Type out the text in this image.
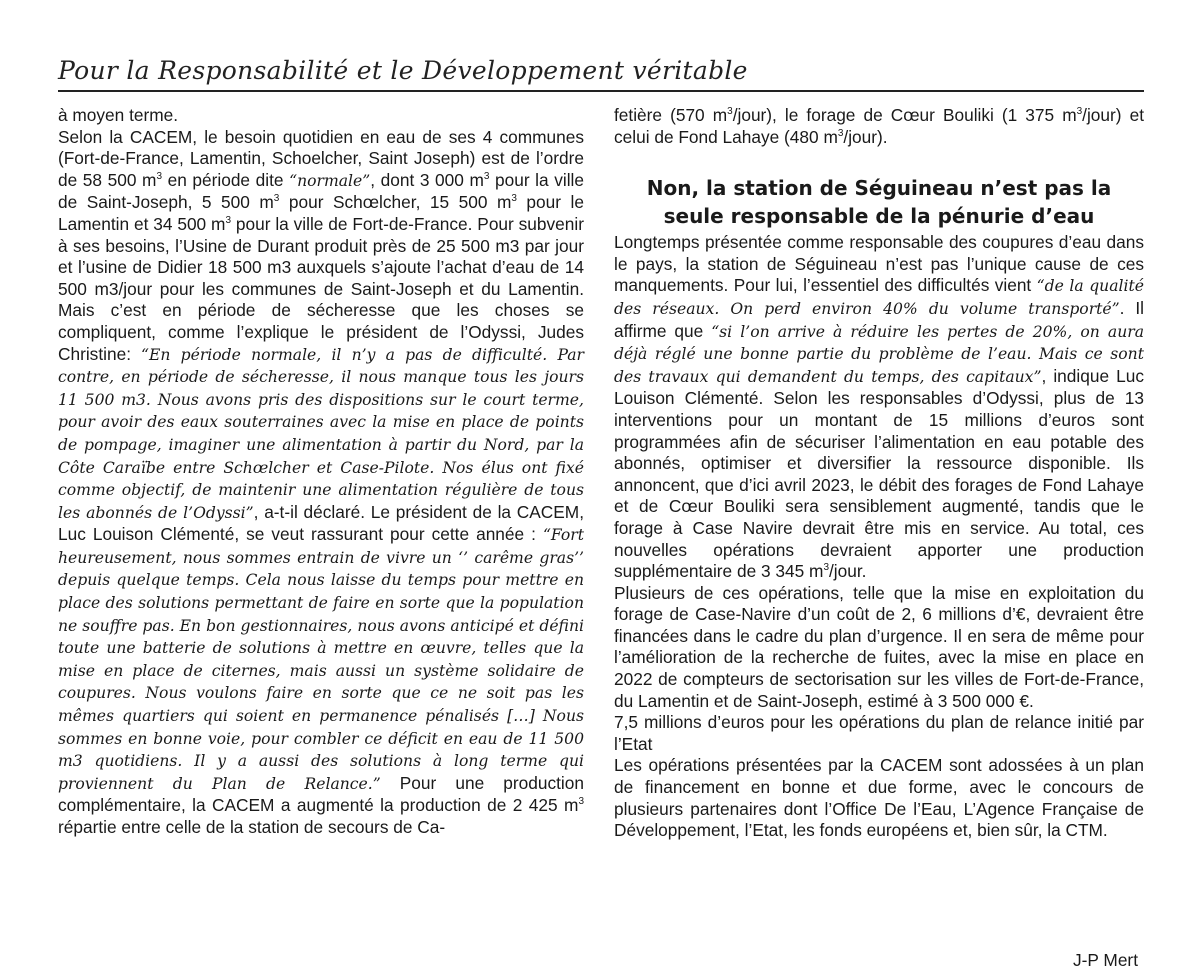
Pour la Responsabilité et le Développement véritable

à moyen terme.

Selon la CACEM, le besoin quotidien en eau de ses 4 communes (Fort-de-France, Lamentin, Schoelcher, Saint Joseph) est de l’ordre de 58 500 $m^3$ en période dite “normale”, dont 3 000 $m^3$ pour la ville de Saint-Joseph, 5 500 $m^3$ pour Schœlcher, 15 500 $m^3$ pour le Lamentin et 34 500 $m^3$ pour la ville de Fort-de-France. Pour subvenir à ses besoins, l’Usine de Durant produit près de 25 500 m3 par jour et l’usine de Didier 18 500 m3 auxquels s’ajoute l’achat d’eau de 14 500 m3/jour pour les communes de Saint-Joseph et du Lamentin. Mais c’est en période de sécheresse que les choses se compliquent, comme l’explique le président de l’Odyssi, Judes Christine: “En période normale, il n’y a pas de difficulté. Par contre, en période de sécheresse, il nous manque tous les jours 11 500 m3. Nous avons pris des dispositions sur le court terme, pour avoir des eaux souterraines avec la mise en place de points de pompage, imaginer une alimentation à partir du Nord, par la Côte Caraïbe entre Schœlcher et Case-Pilote. Nos élus ont fixé comme objectif, de maintenir une alimentation régulière de tous les abonnés de l’Odyssi”, a-t-il déclaré. Le président de la CACEM, Luc Louison Clémenté, se veut rassurant pour cette année : “Fort heureusement, nous sommes entrain de vivre un ‘’ carême gras’’ depuis quelque temps. Cela nous laisse du temps pour mettre en place des solutions permettant de faire en sorte que la population ne souffre pas. En bon gestionnaires, nous avons anticipé et défini toute une batterie de solutions à mettre en œuvre, telles que la mise en place de citernes, mais aussi un système solidaire de coupures. Nous voulons faire en sorte que ce ne soit pas les mêmes quartiers qui soient en permanence pénalisés […] Nous sommes en bonne voie, pour combler ce déficit en eau de 11 500 m3 quotidiens. Il y a aussi des solutions à long terme qui proviennent du Plan de Relance.” Pour une production complémentaire, la CACEM a augmenté la production de 2 425 $m^3$ répartie entre celle de la station de secours de Ca-

fetière (570 $m^3/jour$), le forage de Cœur Bouliki (1 375 $m^3/jour$) et celui de Fond Lahaye (480 $m^3/jour$).

Non, la station de Séguineau n’est pas la seule responsable de la pénurie d’eau

Longtemps présentée comme responsable des coupures d’eau dans le pays, la station de Séguineau n’est pas l’unique cause de ces manquements. Pour lui, l’essentiel des difficultés vient “de la qualité des réseaux. On perd environ 40% du volume transporté”. Il affirme que “si l’on arrive à réduire les pertes de 20%, on aura déjà réglé une bonne partie du problème de l’eau. Mais ce sont des travaux qui demandent du temps, des capitaux”, indique Luc Louison Clémenté. Selon les responsables d’Odyssi, plus de 13 interventions pour un montant de 15 millions d’euros sont programmées afin de sécuriser l’alimentation en eau potable des abonnés, optimiser et diversifier la ressource disponible. Ils annoncent, que d’ici avril 2023, le débit des forages de Fond Lahaye et de Cœur Bouliki sera sensiblement augmenté, tandis que le forage à Case Navire devrait être mis en service. Au total, ces nouvelles opérations devraient apporter une production supplémentaire de 3 345 $m^3$/jour.

Plusieurs de ces opérations, telle que la mise en exploitation du forage de Case-Navire d’un coût de 2, 6 millions d’€, devraient être financées dans le cadre du plan d’urgence. Il en sera de même pour l’amélioration de la recherche de fuites, avec la mise en place en 2022 de compteurs de sectorisation sur les villes de Fort-de-France, du Lamentin et de Saint-Joseph, estimé à 3 500 000 €.

7,5 millions d’euros pour les opérations du plan de relance initié par l’Etat

Les opérations présentées par la CACEM sont adossées à un plan de financement en bonne et due forme, avec le concours de plusieurs partenaires dont l’Office De l’Eau, L’Agence Française de Développement, l’Etat, les fonds européens et, bien sûr, la CTM.

J-P Mert
